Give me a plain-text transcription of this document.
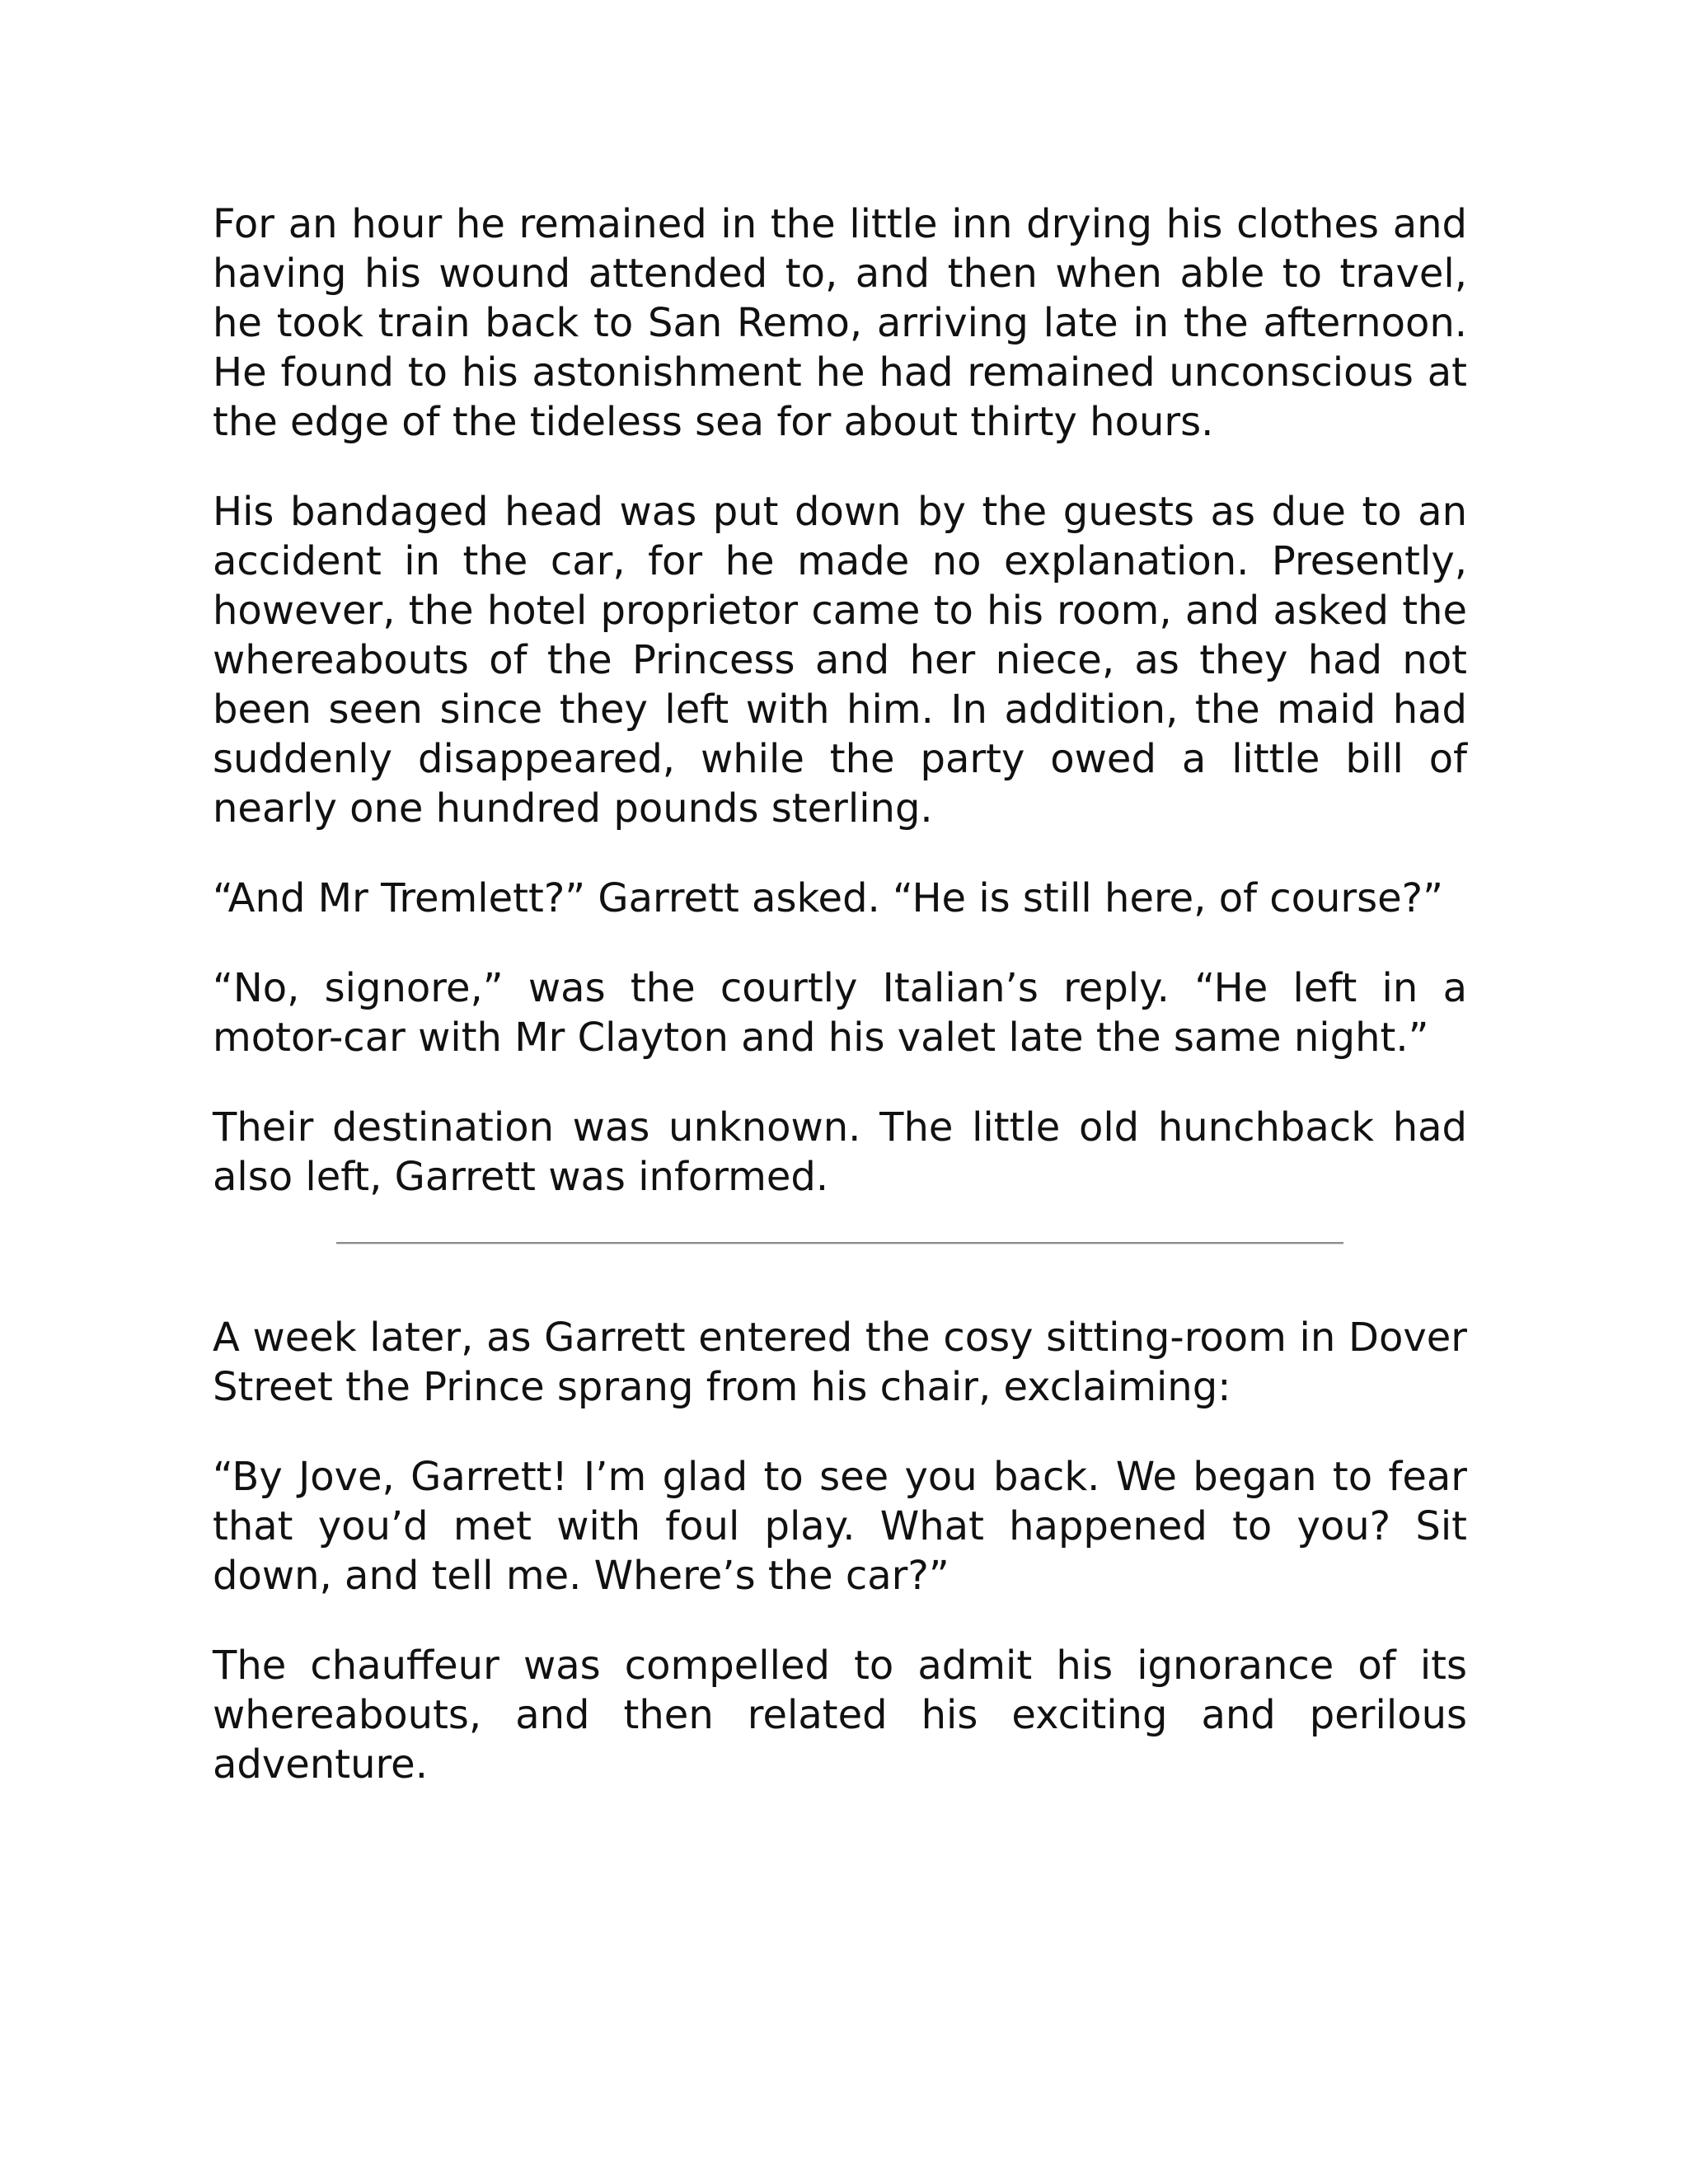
For an hour he remained in the little inn drying his clothes and having his wound attended to, and then when able to travel, he took train back to San Remo, arriving late in the afternoon. He found to his astonishment he had remained unconscious at the edge of the tideless sea for about thirty hours.

His bandaged head was put down by the guests as due to an accident in the car, for he made no explanation. Presently, however, the hotel proprietor came to his room, and asked the whereabouts of the Princess and her niece, as they had not been seen since they left with him. In addition, the maid had suddenly disappeared, while the party owed a little bill of nearly one hundred pounds sterling.

“And Mr Tremlett?” Garrett asked. “He is still here, of course?”

“No, signore,” was the courtly Italian’s reply. “He left in a motor-car with Mr Clayton and his valet late the same night.”

Their destination was unknown. The little old hunchback had also left, Garrett was informed.

A week later, as Garrett entered the cosy sitting-room in Dover Street the Prince sprang from his chair, exclaiming:

“By Jove, Garrett! I’m glad to see you back. We began to fear that you’d met with foul play. What happened to you? Sit down, and tell me. Where’s the car?”

The chauffeur was compelled to admit his ignorance of its whereabouts, and then related his exciting and perilous adventure.
